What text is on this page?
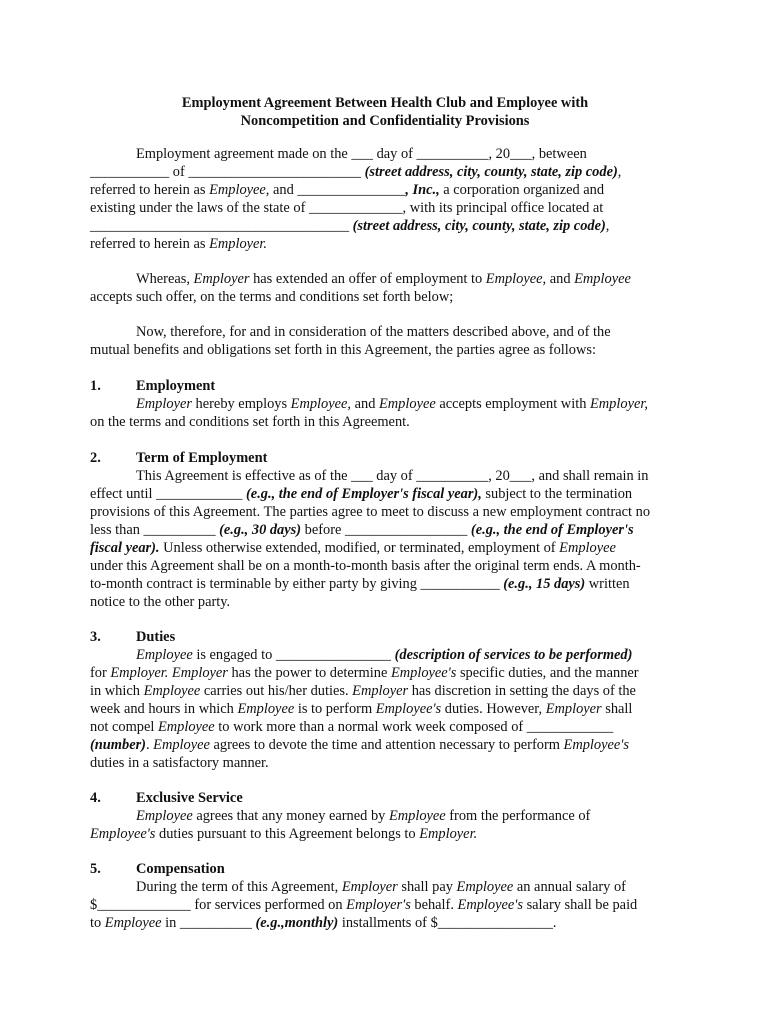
Employment Agreement Between Health Club and Employee with
Noncompetition and Confidentiality Provisions
Employment agreement made on the ___ day of __________, 20___, between
___________ of ________________________ (street address, city, county, state, zip code),
referred to herein as Employee, and _______________, Inc., a corporation organized and
existing under the laws of the state of _____________, with its principal office located at
____________________________________ (street address, city, county, state, zip code),
referred to herein as Employer.
Whereas, Employer has extended an offer of employment to Employee, and Employee
accepts such offer, on the terms and conditions set forth below;
Now, therefore, for and in consideration of the matters described above, and of the
mutual benefits and obligations set forth in this Agreement, the parties agree as follows:
1. Employment
Employer hereby employs Employee, and Employee accepts employment with Employer,
on the terms and conditions set forth in this Agreement.
2. Term of Employment
This Agreement is effective as of the ___ day of __________, 20___, and shall remain in
effect until ____________ (e.g., the end of Employer's fiscal year), subject to the termination
provisions of this Agreement. The parties agree to meet to discuss a new employment contract no
less than __________ (e.g., 30 days) before _________________ (e.g., the end of Employer's
fiscal year). Unless otherwise extended, modified, or terminated, employment of Employee
under this Agreement shall be on a month-to-month basis after the original term ends. A month-
to-month contract is terminable by either party by giving ___________ (e.g., 15 days) written
notice to the other party.
3. Duties
Employee is engaged to ________________ (description of services to be performed)
for Employer. Employer has the power to determine Employee's specific duties, and the manner
in which Employee carries out his/her duties. Employer has discretion in setting the days of the
week and hours in which Employee is to perform Employee's duties. However, Employer shall
not compel Employee to work more than a normal work week composed of ____________
(number). Employee agrees to devote the time and attention necessary to perform Employee's
duties in a satisfactory manner.
4. Exclusive Service
Employee agrees that any money earned by Employee from the performance of
Employee's duties pursuant to this Agreement belongs to Employer.
5. Compensation
During the term of this Agreement, Employer shall pay Employee an annual salary of
$_____________ for services performed on Employer's behalf. Employee's salary shall be paid
to Employee in __________ (e.g.,monthly) installments of $________________.
